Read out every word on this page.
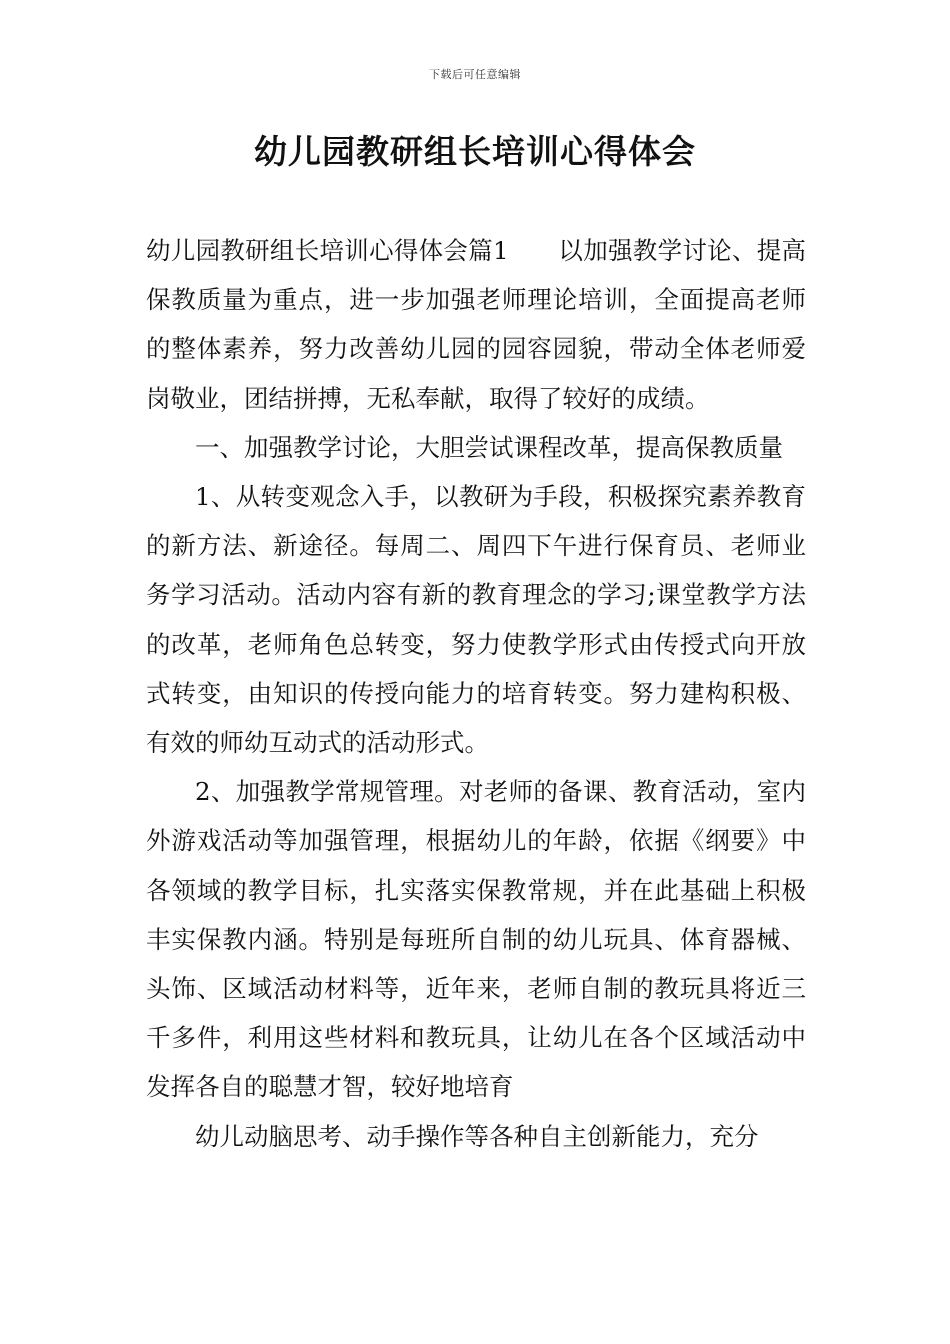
下载后可任意编辑
幼儿园教研组长培训心得体会

幼儿园教研组长培训心得体会篇1　　以加强教学讨论、提高保教质量为重点，进一步加强老师理论培训，全面提高老师的整体素养，努力改善幼儿园的园容园貌，带动全体老师爱岗敬业，团结拼搏，无私奉献，取得了较好的成绩。

一、加强教学讨论，大胆尝试课程改革，提高保教质量

1、从转变观念入手，以教研为手段，积极探究素养教育的新方法、新途径。每周二、周四下午进行保育员、老师业务学习活动。活动内容有新的教育理念的学习;课堂教学方法的改革，老师角色总转变，努力使教学形式由传授式向开放式转变，由知识的传授向能力的培育转变。努力建构积极、有效的师幼互动式的活动形式。

2、加强教学常规管理。对老师的备课、教育活动，室内外游戏活动等加强管理，根据幼儿的年龄，依据《纲要》中各领域的教学目标，扎实落实保教常规，并在此基础上积极丰实保教内涵。特别是每班所自制的幼儿玩具、体育器械、头饰、区域活动材料等，近年来，老师自制的教玩具将近三千多件，利用这些材料和教玩具，让幼儿在各个区域活动中发挥各自的聪慧才智，较好地培育

幼儿动脑思考、动手操作等各种自主创新能力，充分
